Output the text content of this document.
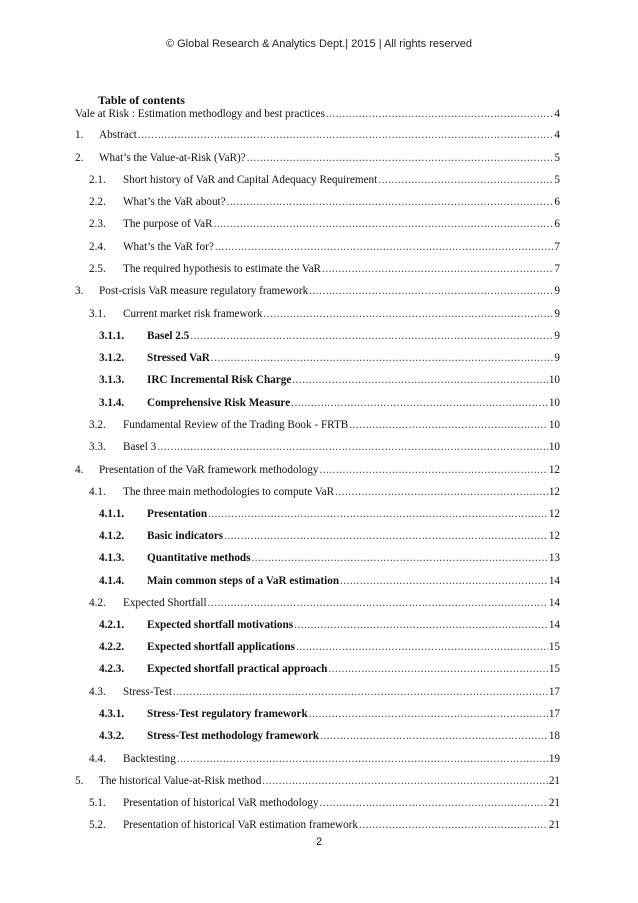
© Global Research & Analytics Dept.| 2015 | All rights reserved
Table of contents
Vale at Risk : Estimation methodlogy and best practices .....	4
1.	Abstract .....	4
2.	What’s the Value-at-Risk (VaR)? .....	5
2.1.	Short history of VaR and Capital Adequacy Requirement .....	5
2.2.	What’s the VaR about? .....	6
2.3.	The purpose of VaR .....	6
2.4.	What’s the VaR for? .....	7
2.5.	The required hypothesis to estimate the VaR .....	7
3.	Post-crisis VaR measure regulatory framework .....	9
3.1.	Current market risk framework .....	9
3.1.1.	Basel 2.5 .....	9
3.1.2.	Stressed VaR .....	9
3.1.3.	IRC Incremental Risk Charge .....	10
3.1.4.	Comprehensive Risk Measure .....	10
3.2.	Fundamental Review of the Trading Book - FRTB .....	10
3.3.	Basel 3 .....	10
4.	Presentation of the VaR framework methodology .....	12
4.1.	The three main methodologies to compute VaR .....	12
4.1.1.	Presentation .....	12
4.1.2.	Basic indicators .....	12
4.1.3.	Quantitative methods .....	13
4.1.4.	Main common steps of a VaR estimation .....	14
4.2.	Expected Shortfall .....	14
4.2.1.	Expected shortfall motivations .....	14
4.2.2.	Expected shortfall applications .....	15
4.2.3.	Expected shortfall practical approach .....	15
4.3.	Stress-Test .....	17
4.3.1.	Stress-Test regulatory framework .....	17
4.3.2.	Stress-Test methodology framework .....	18
4.4.	Backtesting .....	19
5.	The historical Value-at-Risk method .....	21
5.1.	Presentation of historical VaR methodology .....	21
5.2.	Presentation of historical VaR estimation framework .....	21
2
